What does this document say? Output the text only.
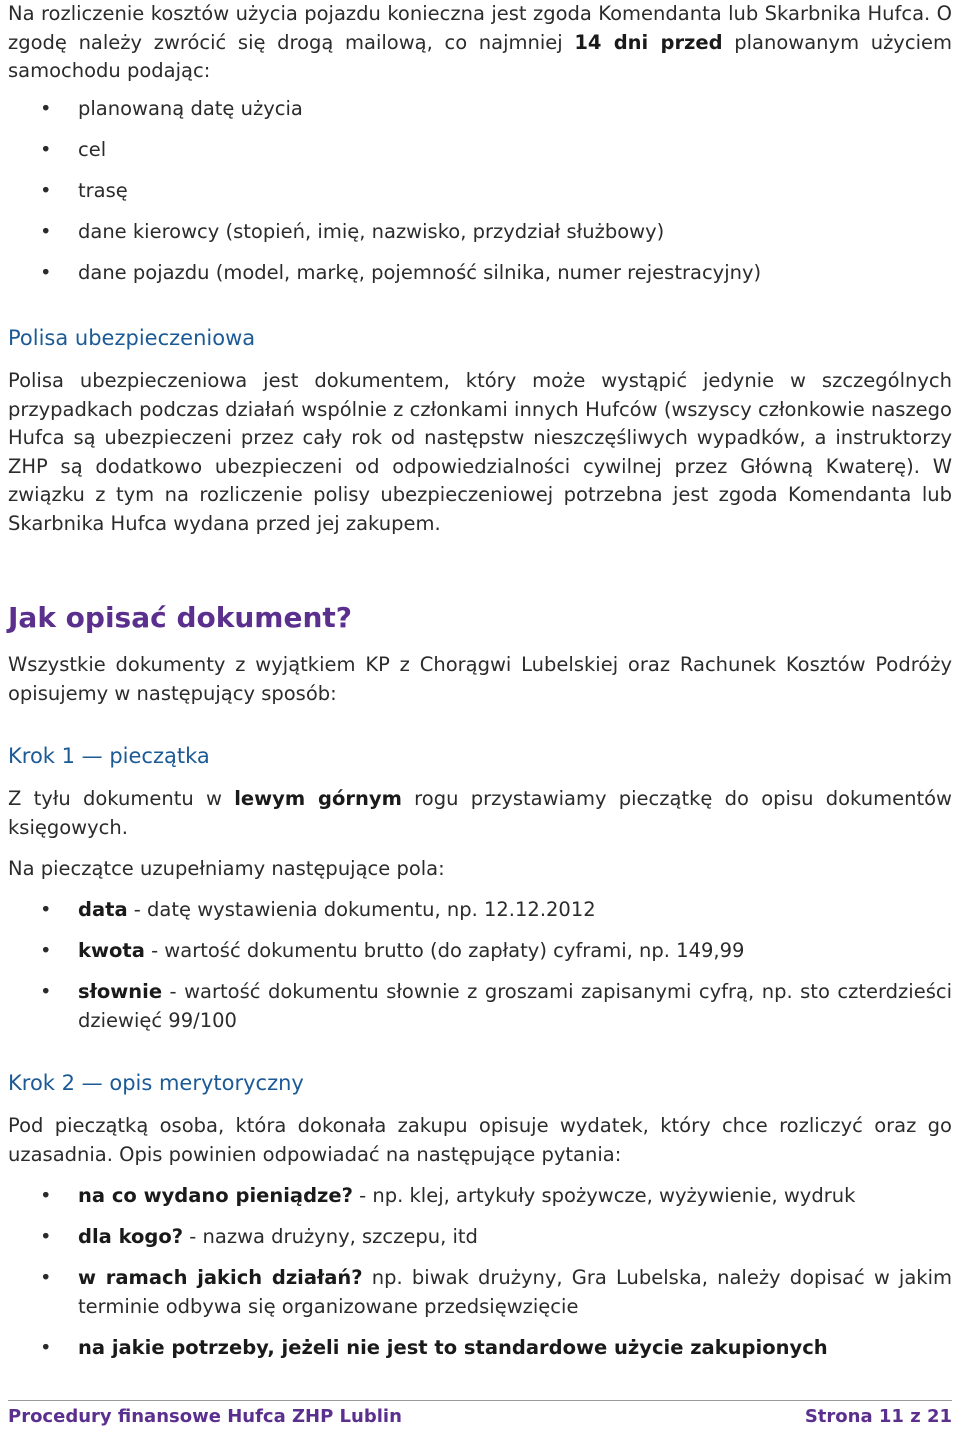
Na rozliczenie kosztów użycia pojazdu konieczna jest zgoda Komendanta lub Skarbnika Hufca. O zgodę należy zwrócić się drogą mailową, co najmniej 14 dni przed planowanym użyciem samochodu podając:

• planowaną datę użycia
• cel
• trasę
• dane kierowcy (stopień, imię, nazwisko, przydział służbowy)
• dane pojazdu (model, markę, pojemność silnika, numer rejestracyjny)
Polisa ubezpieczeniowa

Polisa ubezpieczeniowa jest dokumentem, który może wystąpić jedynie w szczególnych przypadkach podczas działań wspólnie z członkami innych Hufców (wszyscy członkowie naszego Hufca są ubezpieczeni przez cały rok od następstw nieszczęśliwych wypadków, a instruktorzy ZHP są dodatkowo ubezpieczeni od odpowiedzialności cywilnej przez Główną Kwaterę). W związku z tym na rozliczenie polisy ubezpieczeniowej potrzebna jest zgoda Komendanta lub Skarbnika Hufca wydana przed jej zakupem.

Jak opisać dokument?

Wszystkie dokumenty z wyjątkiem KP z Chorągwi Lubelskiej oraz Rachunek Kosztów Podróży opisujemy w następujący sposób:

Krok 1 — pieczątka

Z tyłu dokumentu w lewym górnym rogu przystawiamy pieczątkę do opisu dokumentów księgowych.

Na pieczątce uzupełniamy następujące pola:

• data - datę wystawienia dokumentu, np. 12.12.2012
• kwota - wartość dokumentu brutto (do zapłaty) cyframi, np. 149,99
• słownie - wartość dokumentu słownie z groszami zapisanymi cyfrą, np. sto czterdzieści dziewięć 99/100
Krok 2 — opis merytoryczny

Pod pieczątką osoba, która dokonała zakupu opisuje wydatek, który chce rozliczyć oraz go uzasadnia. Opis powinien odpowiadać na następujące pytania:

• na co wydano pieniądze? - np. klej, artykuły spożywcze, wyżywienie, wydruk
• dla kogo? - nazwa drużyny, szczepu, itd
• w ramach jakich działań? np. biwak drużyny, Gra Lubelska, należy dopisać w jakim terminie odbywa się organizowane przedsięwzięcie
• na jakie potrzeby, jeżeli nie jest to standardowe użycie zakupionych
Procedury finansowe Hufca ZHP Lublin	Strona 11 z 21
